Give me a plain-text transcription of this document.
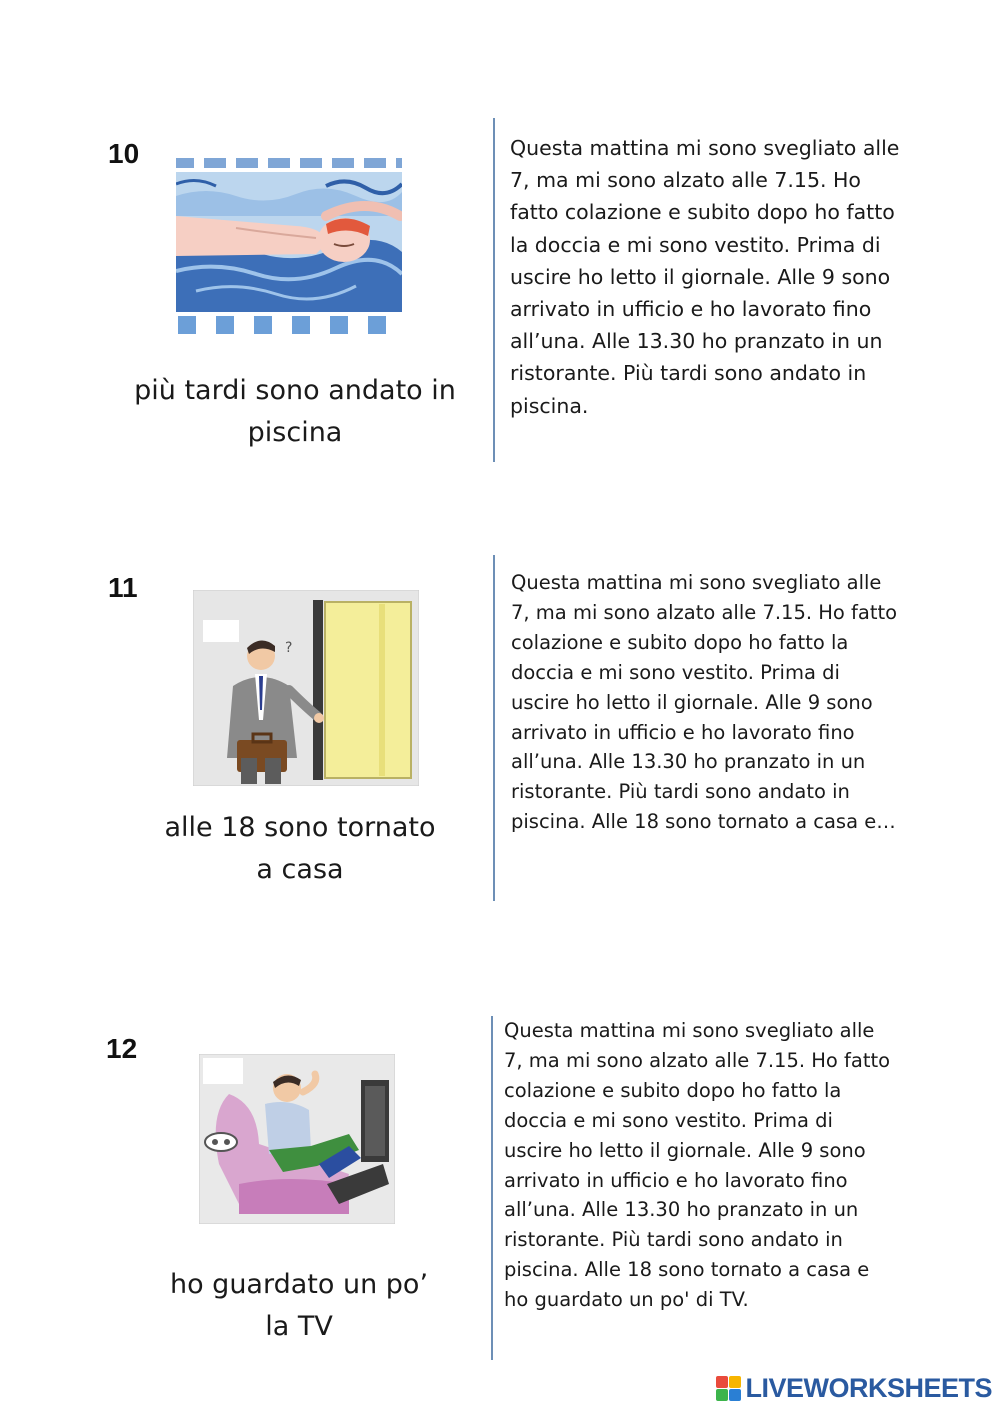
10
più tardi sono andato in
piscina

Questa mattina mi sono svegliato alle 7, ma mi sono alzato alle 7.15. Ho fatto colazione e subito dopo ho fatto la doccia e mi sono vestito. Prima di uscire ho letto il giornale. Alle 9 sono arrivato in ufficio e ho lavorato fino all’una. Alle 13.30 ho pranzato in un ristorante. Più tardi sono andato in piscina.

11
?
alle 18 sono tornato
a casa

Questa mattina mi sono svegliato alle 7, ma mi sono alzato alle 7.15. Ho fatto colazione e subito dopo ho fatto la doccia e mi sono vestito. Prima di uscire ho letto il giornale. Alle 9 sono arrivato in ufficio e ho lavorato fino all’una. Alle 13.30 ho pranzato in un ristorante. Più tardi sono andato in piscina. Alle 18 sono tornato a casa e…

12
ho guardato un po’
la TV

Questa mattina mi sono svegliato alle 7, ma mi sono alzato alle 7.15. Ho fatto colazione e subito dopo ho fatto la doccia e mi sono vestito. Prima di uscire ho letto il giornale. Alle 9 sono arrivato in ufficio e ho lavorato fino all’una. Alle 13.30 ho pranzato in un ristorante. Più tardi sono andato in piscina. Alle 18 sono tornato a casa e ho guardato un po' di TV.

LIVEWORKSHEETS
